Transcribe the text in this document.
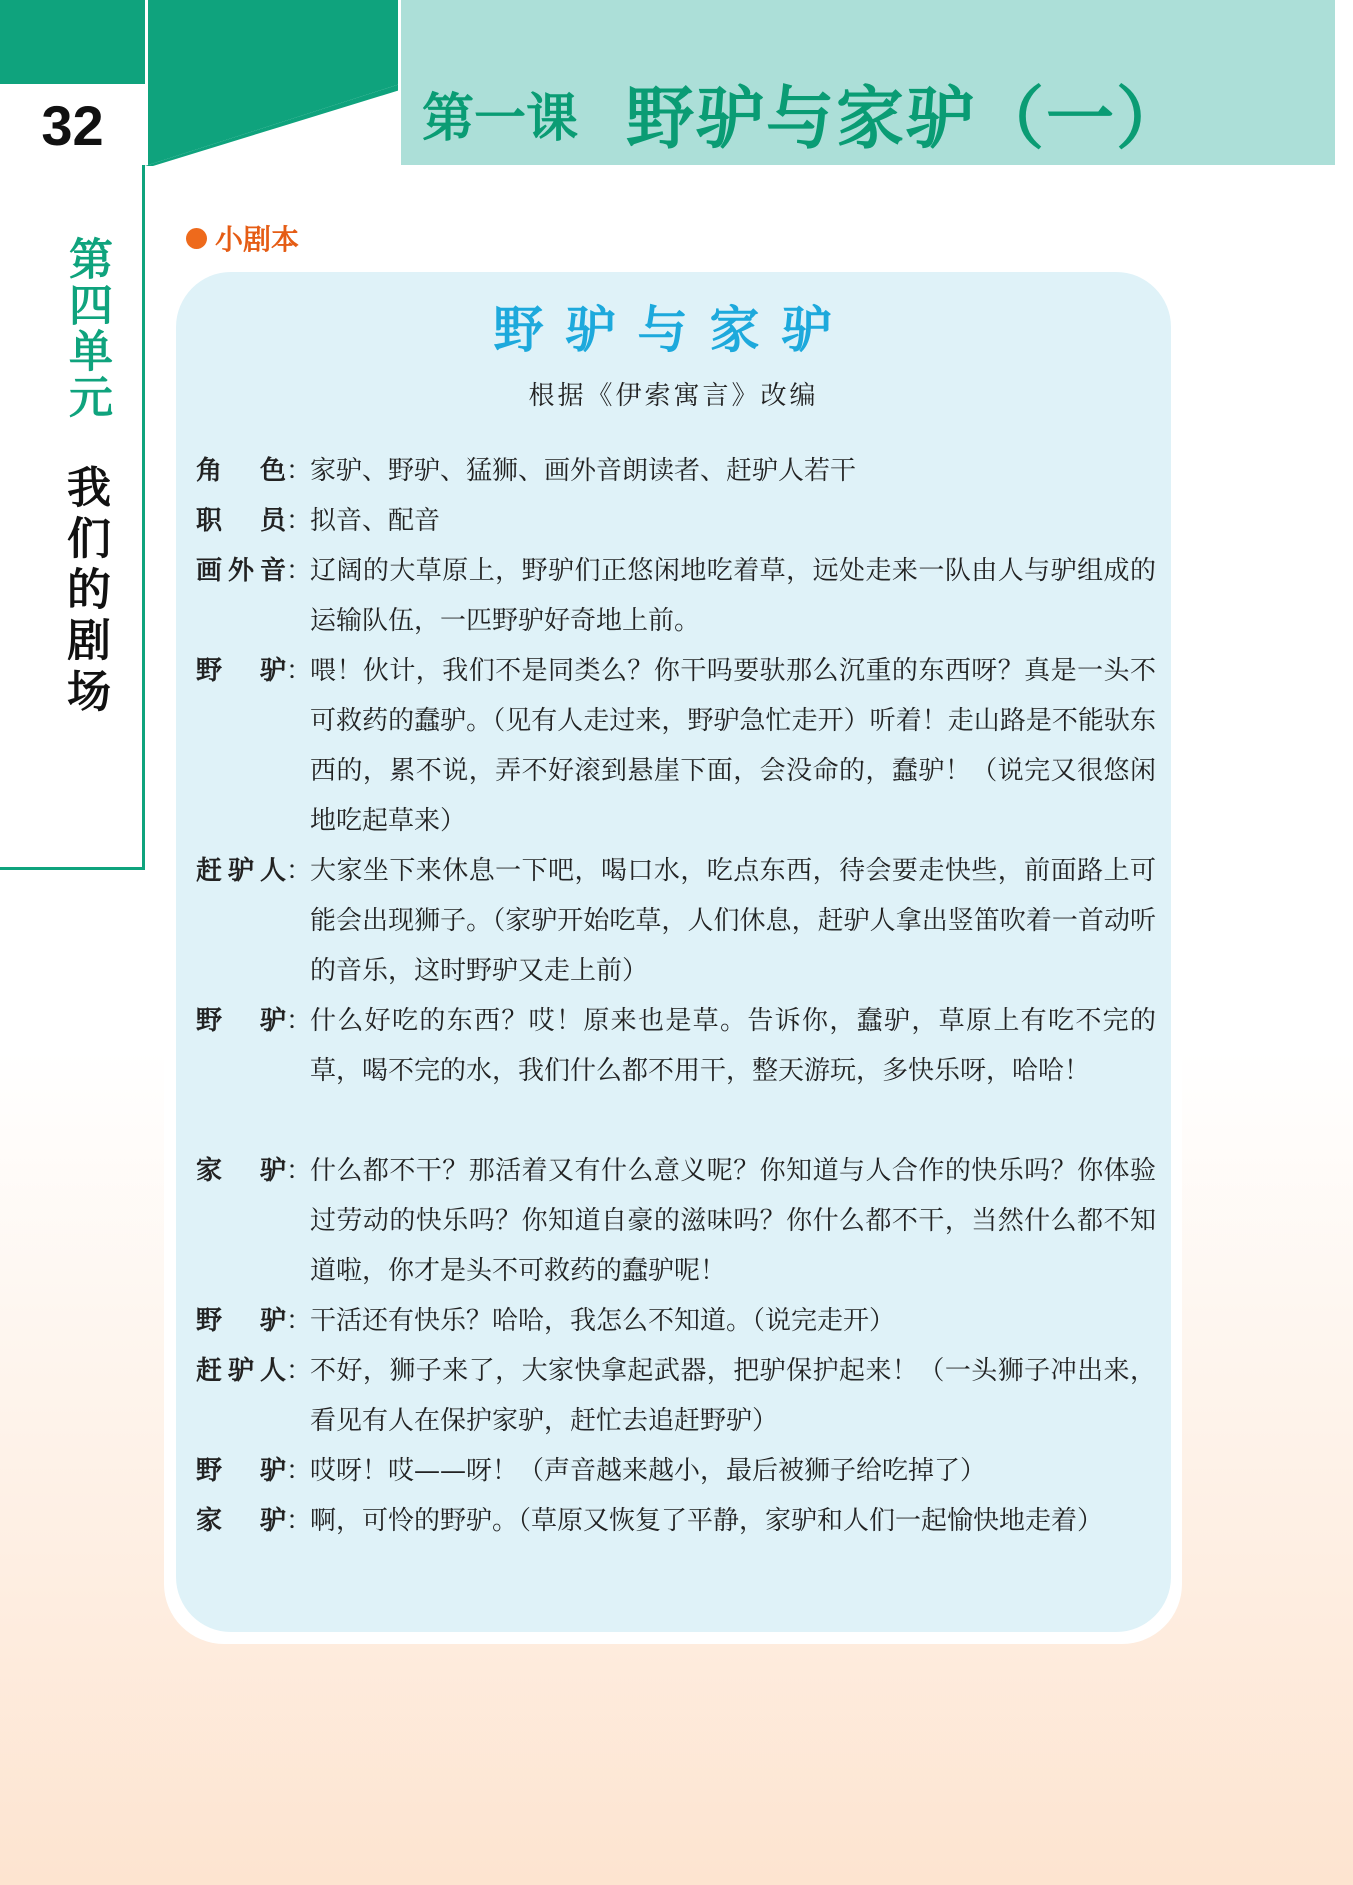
32	第一课 野驴与家驴（一）
第四单元
我们的剧场
小剧本
野驴与家驴
根据《伊索寓言》改编
角 色 ：
家驴、野驴、猛狮、画外音朗读者、赶驴人若干
职 员 ：
拟音、配音
画 外 音 ：
辽阔的大草原上，野驴们正悠闲地吃着草，远处走来一队由人与驴组成的运输队伍，一匹野驴好奇地上前。
野 驴 ：
喂！伙计，我们不是同类么？你干吗要驮那么沉重的东西呀？真是一头不可救药的蠢驴。（见有人走过来，野驴急忙走开）听着！走山路是不能驮东西的，累不说，弄不好滚到悬崖下面，会没命的，蠢驴！（说完又很悠闲地吃起草来）
赶 驴 人 ：
大家坐下来休息一下吧，喝口水，吃点东西，待会要走快些，前面路上可能会出现狮子。（家驴开始吃草，人们休息，赶驴人拿出竖笛吹着一首动听的音乐，这时野驴又走上前）
野 驴 ：
什么好吃的东西？哎！原来也是草。告诉你，蠢驴，草原上有吃不完的草，喝不完的水，我们什么都不用干，整天游玩，多快乐呀，哈哈！
家 驴 ：
什么都不干？那活着又有什么意义呢？你知道与人合作的快乐吗？你体验过劳动的快乐吗？你知道自豪的滋味吗？你什么都不干，当然什么都不知道啦，你才是头不可救药的蠢驴呢！
野 驴 ：
干活还有快乐？哈哈，我怎么不知道。（说完走开）
赶 驴 人 ：
不好，狮子来了，大家快拿起武器，把驴保护起来！（一头狮子冲出来，看见有人在保护家驴，赶忙去追赶野驴）
野 驴 ：
哎呀！哎——呀！（声音越来越小，最后被狮子给吃掉了）
家 驴 ：
啊，可怜的野驴。（草原又恢复了平静，家驴和人们一起愉快地走着）
